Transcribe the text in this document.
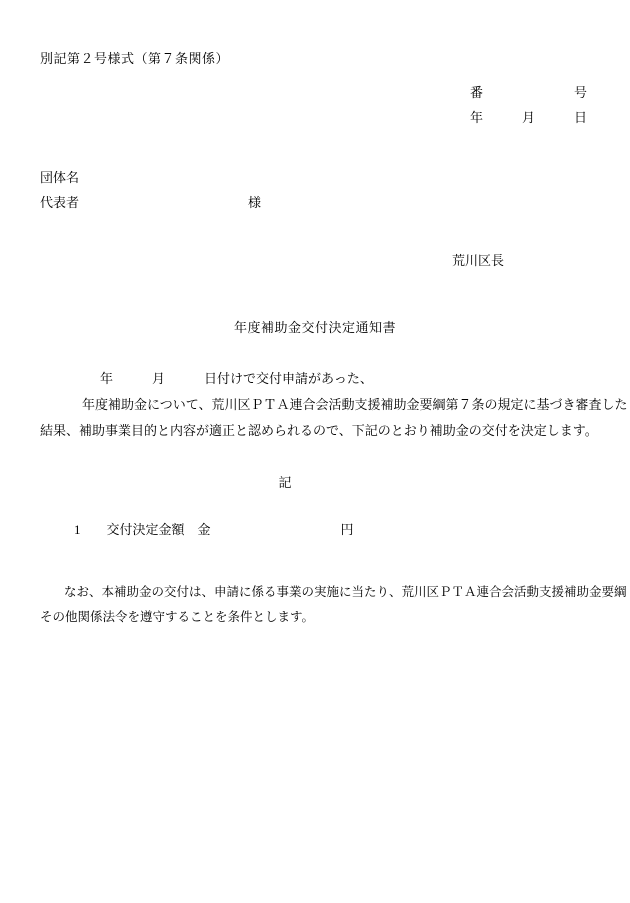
別記第２号様式（第７条関係）
番　　　　　　　号
年　　　月　　　日
団体名
代表者　　　　　　　　　　　　　様
荒川区長
年度補助金交付決定通知書
年　　　月　　　日付けで交付申請があった、
年度補助金について、荒川区ＰＴＡ連合会活動支援補助金要綱第７条の規定に基づき審査した
結果、補助事業目的と内容が適正と認められるので、下記のとおり補助金の交付を決定します。
記
1　　 交付決定金額　金　　　　　　　　　　	円
なお、本補助金の交付は、申請に係る事業の実施に当たり、荒川区ＰＴＡ連合会活動支援補助金要綱
その他関係法令を遵守することを条件とします。
